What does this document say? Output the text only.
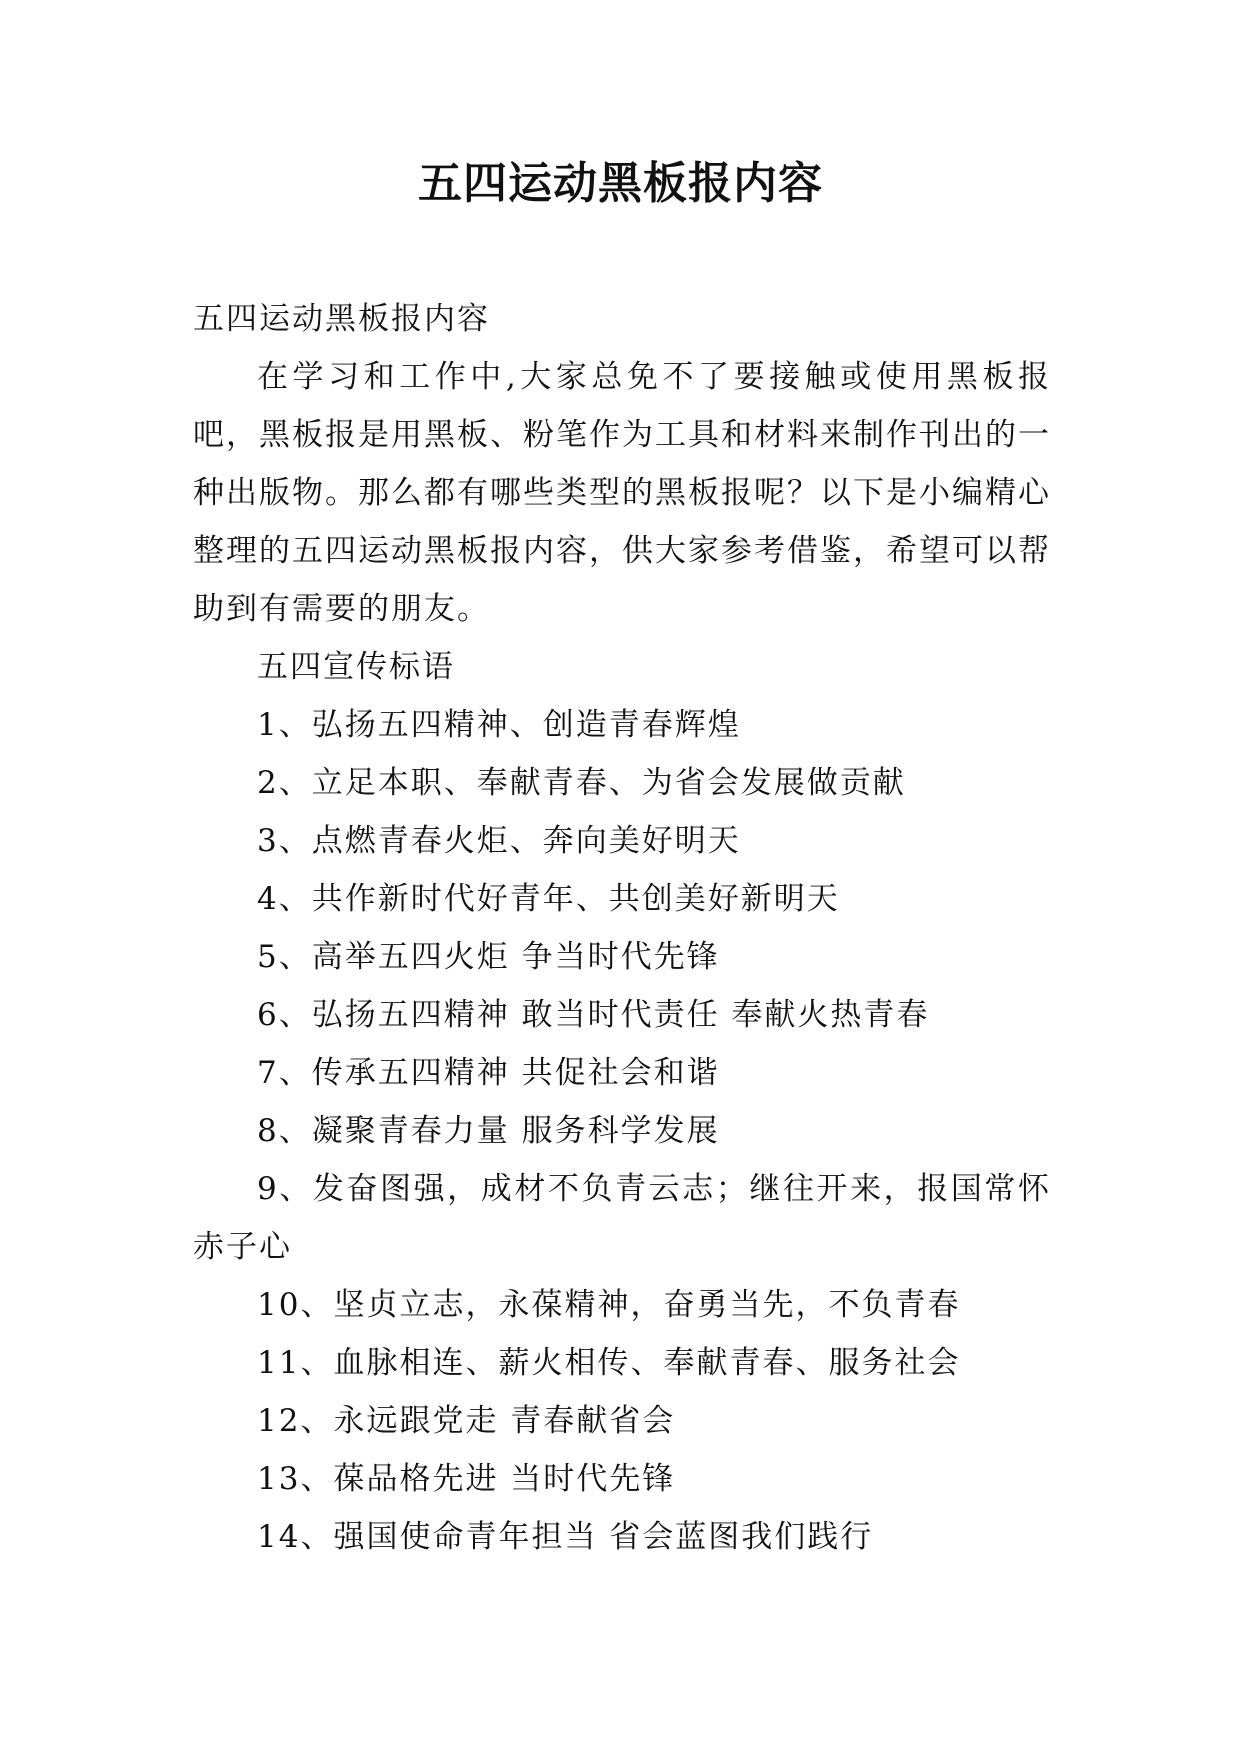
五四运动黑板报内容

五四运动黑板报内容

在学习和工作中,大家总免不了要接触或使用黑板报吧，黑板报是用黑板、粉笔作为工具和材料来制作刊出的一种出版物。那么都有哪些类型的黑板报呢？以下是小编精心整理的五四运动黑板报内容，供大家参考借鉴，希望可以帮助到有需要的朋友。

五四宣传标语

1、弘扬五四精神、创造青春辉煌

2、立足本职、奉献青春、为省会发展做贡献

3、点燃青春火炬、奔向美好明天

4、共作新时代好青年、共创美好新明天

5、高举五四火炬 争当时代先锋

6、弘扬五四精神 敢当时代责任 奉献火热青春

7、传承五四精神 共促社会和谐

8、凝聚青春力量 服务科学发展

9、发奋图强，成材不负青云志；继往开来，报国常怀赤子心

10、坚贞立志，永葆精神，奋勇当先，不负青春

11、血脉相连、薪火相传、奉献青春、服务社会

12、永远跟党走 青春献省会

13、葆品格先进 当时代先锋

14、强国使命青年担当 省会蓝图我们践行
